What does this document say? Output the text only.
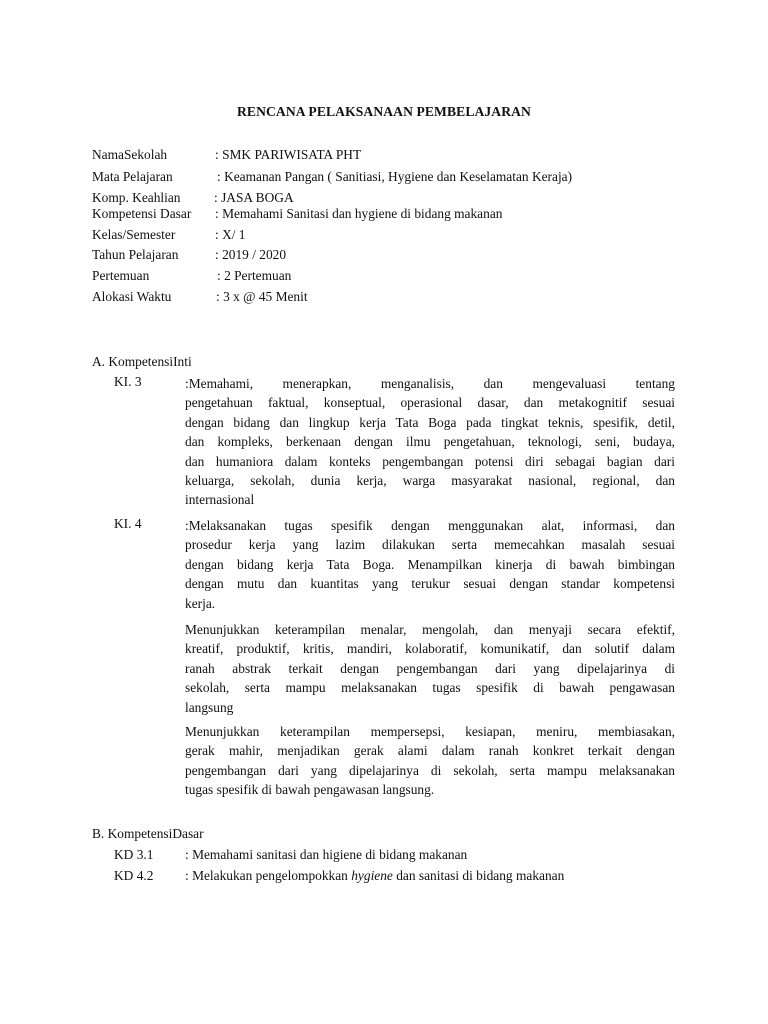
RENCANA PELAKSANAAN PEMBELAJARAN
NamaSekolah	: SMK PARIWISATA PHT
Mata Pelajaran	: Keamanan Pangan ( Sanitiasi, Hygiene dan Keselamatan Keraja)
Komp. Keahlian : JASA BOGA
Kompetensi Dasar : Memahami Sanitasi dan hygiene di bidang makanan
Kelas/Semester	: X/ 1
Tahun Pelajaran	: 2019 / 2020
Pertemuan	: 2 Pertemuan
Alokasi Waktu	: 3 x @ 45 Menit
A. KompetensiInti
KI. 3	:Memahami, menerapkan, menganalisis, dan mengevaluasi tentang
pengetahuan faktual, konseptual, operasional dasar, dan metakognitif sesuai
dengan bidang dan lingkup kerja Tata Boga pada tingkat teknis, spesifik, detil,
dan kompleks, berkenaan dengan ilmu pengetahuan, teknologi, seni, budaya,
dan humaniora dalam konteks pengembangan potensi diri sebagai bagian dari
keluarga, sekolah, dunia kerja, warga masyarakat nasional, regional, dan
internasional
KI. 4	:Melaksanakan tugas spesifik dengan menggunakan alat, informasi, dan
prosedur kerja yang lazim dilakukan serta memecahkan masalah sesuai
dengan bidang kerja Tata Boga. Menampilkan kinerja di bawah bimbingan
dengan mutu dan kuantitas yang terukur sesuai dengan standar kompetensi
kerja.
Menunjukkan keterampilan menalar, mengolah, dan menyaji secara efektif,
kreatif, produktif, kritis, mandiri, kolaboratif, komunikatif, dan solutif dalam
ranah abstrak terkait dengan pengembangan dari yang dipelajarinya di
sekolah, serta mampu melaksanakan tugas spesifik di bawah pengawasan
langsung
Menunjukkan keterampilan mempersepsi, kesiapan, meniru, membiasakan,
gerak mahir, menjadikan gerak alami dalam ranah konkret terkait dengan
pengembangan dari yang dipelajarinya di sekolah, serta mampu melaksanakan
tugas spesifik di bawah pengawasan langsung.
B. KompetensiDasar
KD 3.1 : Memahami sanitasi dan higiene di bidang makanan
KD 4.2 : Melakukan pengelompokkan hygiene dan sanitasi di bidang makanan
